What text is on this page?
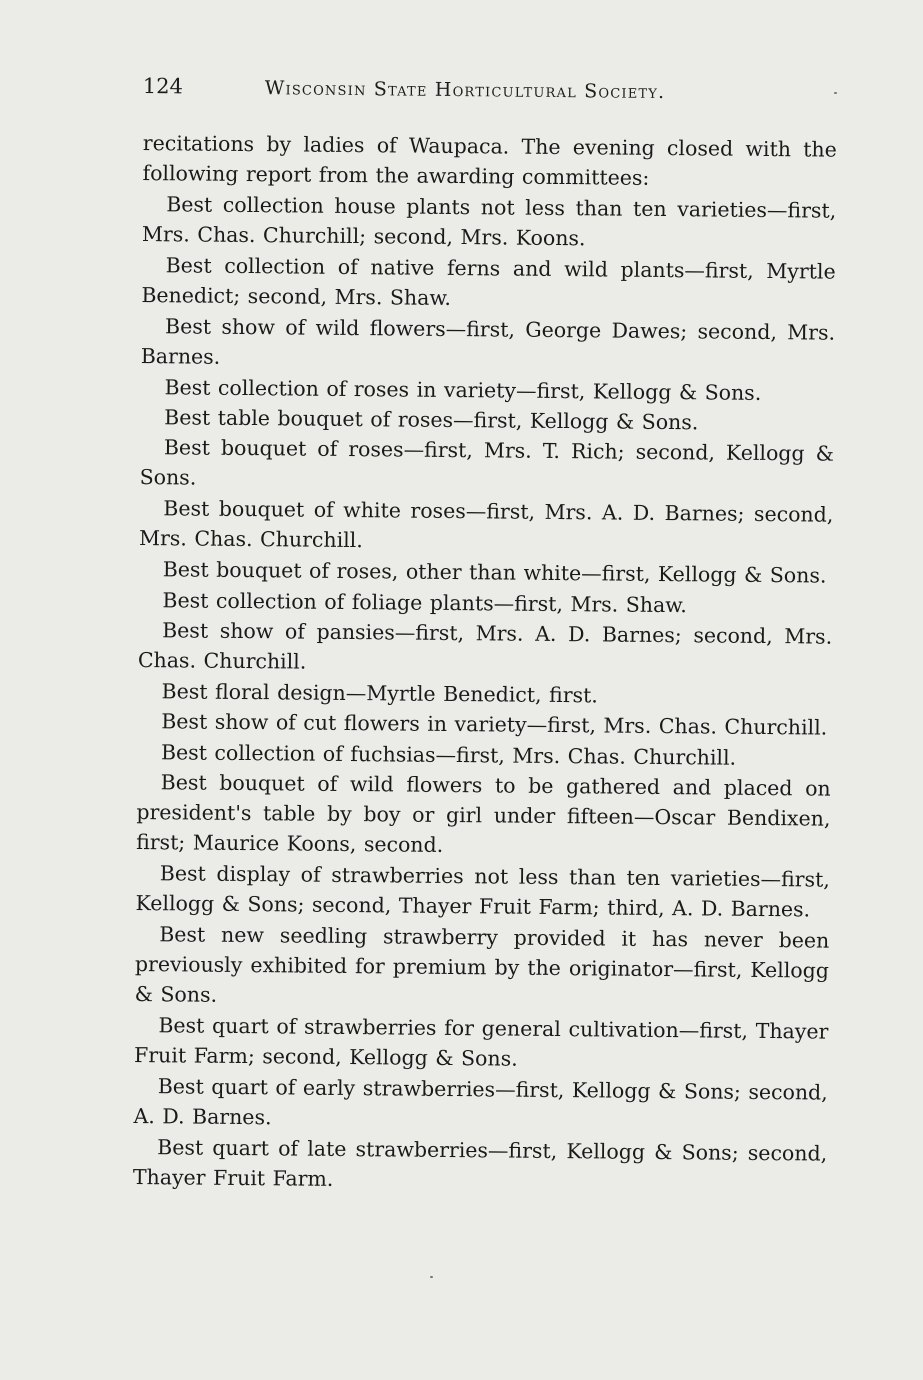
124	Wisconsin State Horticultural Society.

recitations by ladies of Waupaca. The evening closed with the following report from the awarding committees:

Best collection house plants not less than ten varieties—first, Mrs. Chas. Churchill; second, Mrs. Koons.

Best collection of native ferns and wild plants—first, Myrtle Benedict; second, Mrs. Shaw.

Best show of wild flowers—first, George Dawes; second, Mrs. Barnes.

Best collection of roses in variety—first, Kellogg & Sons.

Best table bouquet of roses—first, Kellogg & Sons.

Best bouquet of roses—first, Mrs. T. Rich; second, Kellogg & Sons.

Best bouquet of white roses—first, Mrs. A. D. Barnes; second, Mrs. Chas. Churchill.

Best bouquet of roses, other than white—first, Kellogg & Sons.

Best collection of foliage plants—first, Mrs. Shaw.

Best show of pansies—first, Mrs. A. D. Barnes; second, Mrs. Chas. Churchill.

Best floral design—Myrtle Benedict, first.

Best show of cut flowers in variety—first, Mrs. Chas. Churchill.

Best collection of fuchsias—first, Mrs. Chas. Churchill.

Best bouquet of wild flowers to be gathered and placed on president's table by boy or girl under fifteen—Oscar Bendixen, first; Maurice Koons, second.

Best display of strawberries not less than ten varieties—first, Kellogg & Sons; second, Thayer Fruit Farm; third, A. D. Barnes.

Best new seedling strawberry provided it has never been previously exhibited for premium by the originator—first, Kellogg & Sons.

Best quart of strawberries for general cultivation—first, Thayer Fruit Farm; second, Kellogg & Sons.

Best quart of early strawberries—first, Kellogg & Sons; second, A. D. Barnes.

Best quart of late strawberries—first, Kellogg & Sons; second, Thayer Fruit Farm.
